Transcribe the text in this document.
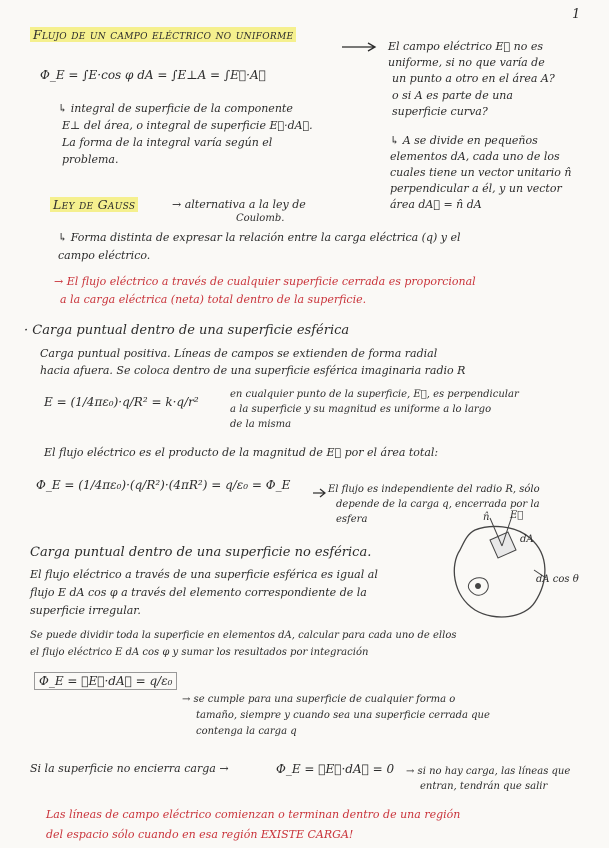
1
Flujo de un campo eléctrico no uniforme
El campo eléctrico E⃗ no es
uniforme, si no que varía de
un punto a otro en el área A?
o si A es parte de una
superficie curva?
↳ A se divide en pequeños
elementos dA, cada uno de los
cuales tiene un vector unitario n̂
perpendicular a él, y un vector
área dA⃗ = n̂ dA
Φ_E = ∫E·cos φ dA = ∫E⊥A = ∫E⃗·A⃗
↳ integral de superficie de la componente
E⊥ del área, o integral de superficie E⃗·dA⃗.
La forma de la integral varía según el
problema.
Ley de Gauss	→ alternativa a la ley de
Coulomb.
↳ Forma distinta de expresar la relación entre la carga eléctrica (q) y el
campo eléctrico.
→ El flujo eléctrico a través de cualquier superficie cerrada es proporcional
a la carga eléctrica (neta) total dentro de la superficie.
· Carga puntual dentro de una superficie esférica
Carga puntual positiva. Líneas de campos se extienden de forma radial
hacia afuera. Se coloca dentro de una superficie esférica imaginaria radio R
E = (1/4πε₀)·q/R² = k·q/r²
en cualquier punto de la superficie, E⃗, es perpendicular
a la superficie y su magnitud es uniforme a lo largo
de la misma
El flujo eléctrico es el producto de la magnitud de E⃗ por el área total:
Φ_E = (1/4πε₀)·(q/R²)·(4πR²) = q/ε₀ = Φ_E	El flujo es independiente del radio R, sólo
depende de la carga q, encerrada por la
esfera
Carga puntual dentro de una superficie no esférica.
El flujo eléctrico a través de una superficie esférica es igual al
flujo E dA cos φ a través del elemento correspondiente de la
superficie irregular.
Se puede dividir toda la superficie en elementos dA, calcular para cada uno de ellos
el flujo eléctrico E dA cos φ y sumar los resultados por integración
n̂ E⃗
dA
dA cos θ
Φ_E = ∮E⃗·dA⃗ = q/ε₀
→ se cumple para una superficie de cualquier forma o
tamaño, siempre y cuando sea una superficie cerrada que
contenga la carga q
Si la superficie no encierra carga →	Φ_E = ∮E⃗·dA⃗ = 0 → si no hay carga, las líneas que
entran, tendrán que salir
Las líneas de campo eléctrico comienzan o terminan dentro de una región
del espacio sólo cuando en esa región EXISTE CARGA!
